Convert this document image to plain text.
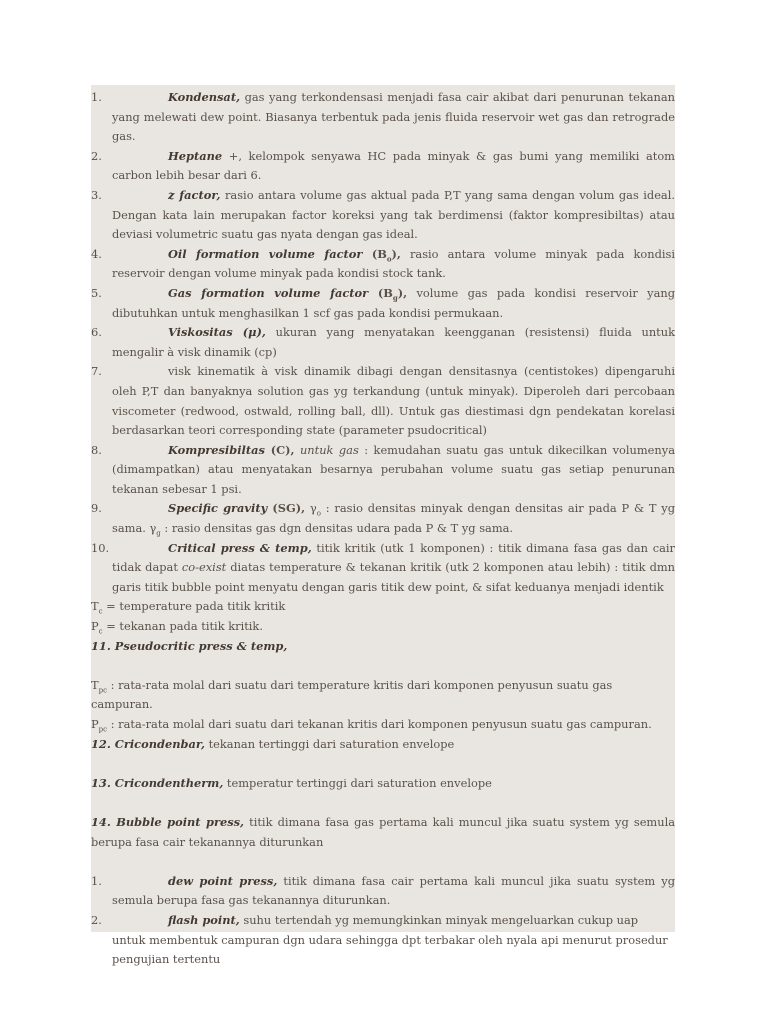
1.	Kondensat, gas yang terkondensasi menjadi fasa cair akibat dari penurunan tekanan yang melewati dew point. Biasanya terbentuk pada jenis fluida reservoir wet gas dan retrograde gas.
2.	Heptane +, kelompok senyawa HC pada minyak & gas bumi yang memiliki atom carbon lebih besar dari 6.
3.	z factor, rasio antara volume gas aktual pada P,T yang sama dengan volum gas ideal. Dengan kata lain merupakan factor koreksi yang tak berdimensi (faktor kompresibiltas) atau deviasi volumetric suatu gas nyata dengan gas ideal.
4.	Oil formation volume factor $(B_o)$, rasio antara volume minyak pada kondisi reservoir dengan volume minyak pada kondisi stock tank.
5.	Gas formation volume factor $(B_g)$, volume gas pada kondisi reservoir yang dibutuhkan untuk menghasilkan 1 scf gas pada kondisi permukaan.
6.	Viskositas (μ), ukuran yang menyatakan keengganan (resistensi) fluida untuk mengalir à visk dinamik (cp)
7.	visk kinematik à visk dinamik dibagi dengan densitasnya (centistokes) dipengaruhi oleh P,T dan banyaknya solution gas yg terkandung (untuk minyak). Diperoleh dari percobaan viscometer (redwood, ostwald, rolling ball, dll). Untuk gas diestimasi dgn pendekatan korelasi berdasarkan teori corresponding state (parameter psudocritical)
8.	Kompresibiltas (C), untuk gas : kemudahan suatu gas untuk dikecilkan volumenya (dimampatkan) atau menyatakan besarnya perubahan volume suatu gas setiap penurunan tekanan sebesar 1 psi.
9.	Specific gravity (SG), $\gamma_o$ : rasio densitas minyak dengan densitas air pada P & T yg sama. $\gamma_g$ : rasio densitas gas dgn densitas udara pada P & T yg sama.
10.	Critical press & temp, titik kritik (utk 1 komponen) : titik dimana fasa gas dan cair tidak dapat co-exist diatas temperature & tekanan kritik (utk 2 komponen atau lebih) : titik dmn garis titik bubble point menyatu dengan garis titik dew point, & sifat keduanya menjadi identik
$T_c$ = temperature pada titik kritik
$P_c$ = tekanan pada titik kritik.
11. Pseudocritic press & temp,
$T_{pc}$ : rata-rata molal dari suatu dari temperature kritis dari komponen penyusun suatu gas campuran.
$P_{pc}$ : rata-rata molal dari suatu dari tekanan kritis dari komponen penyusun suatu gas campuran.
12. Cricondenbar, tekanan tertinggi dari saturation envelope
13. Cricondentherm, temperatur tertinggi dari saturation envelope
14. Bubble point press, titik dimana fasa gas pertama kali muncul jika suatu system yg semula berupa fasa cair tekanannya diturunkan
1.	dew point press, titik dimana fasa cair pertama kali muncul jika suatu system yg semula berupa fasa gas tekanannya diturunkan.
2.	flash point, suhu tertendah yg memungkinkan minyak mengeluarkan cukup uap untuk membentuk campuran dgn udara sehingga dpt terbakar oleh nyala api menurut prosedur pengujian tertentu
